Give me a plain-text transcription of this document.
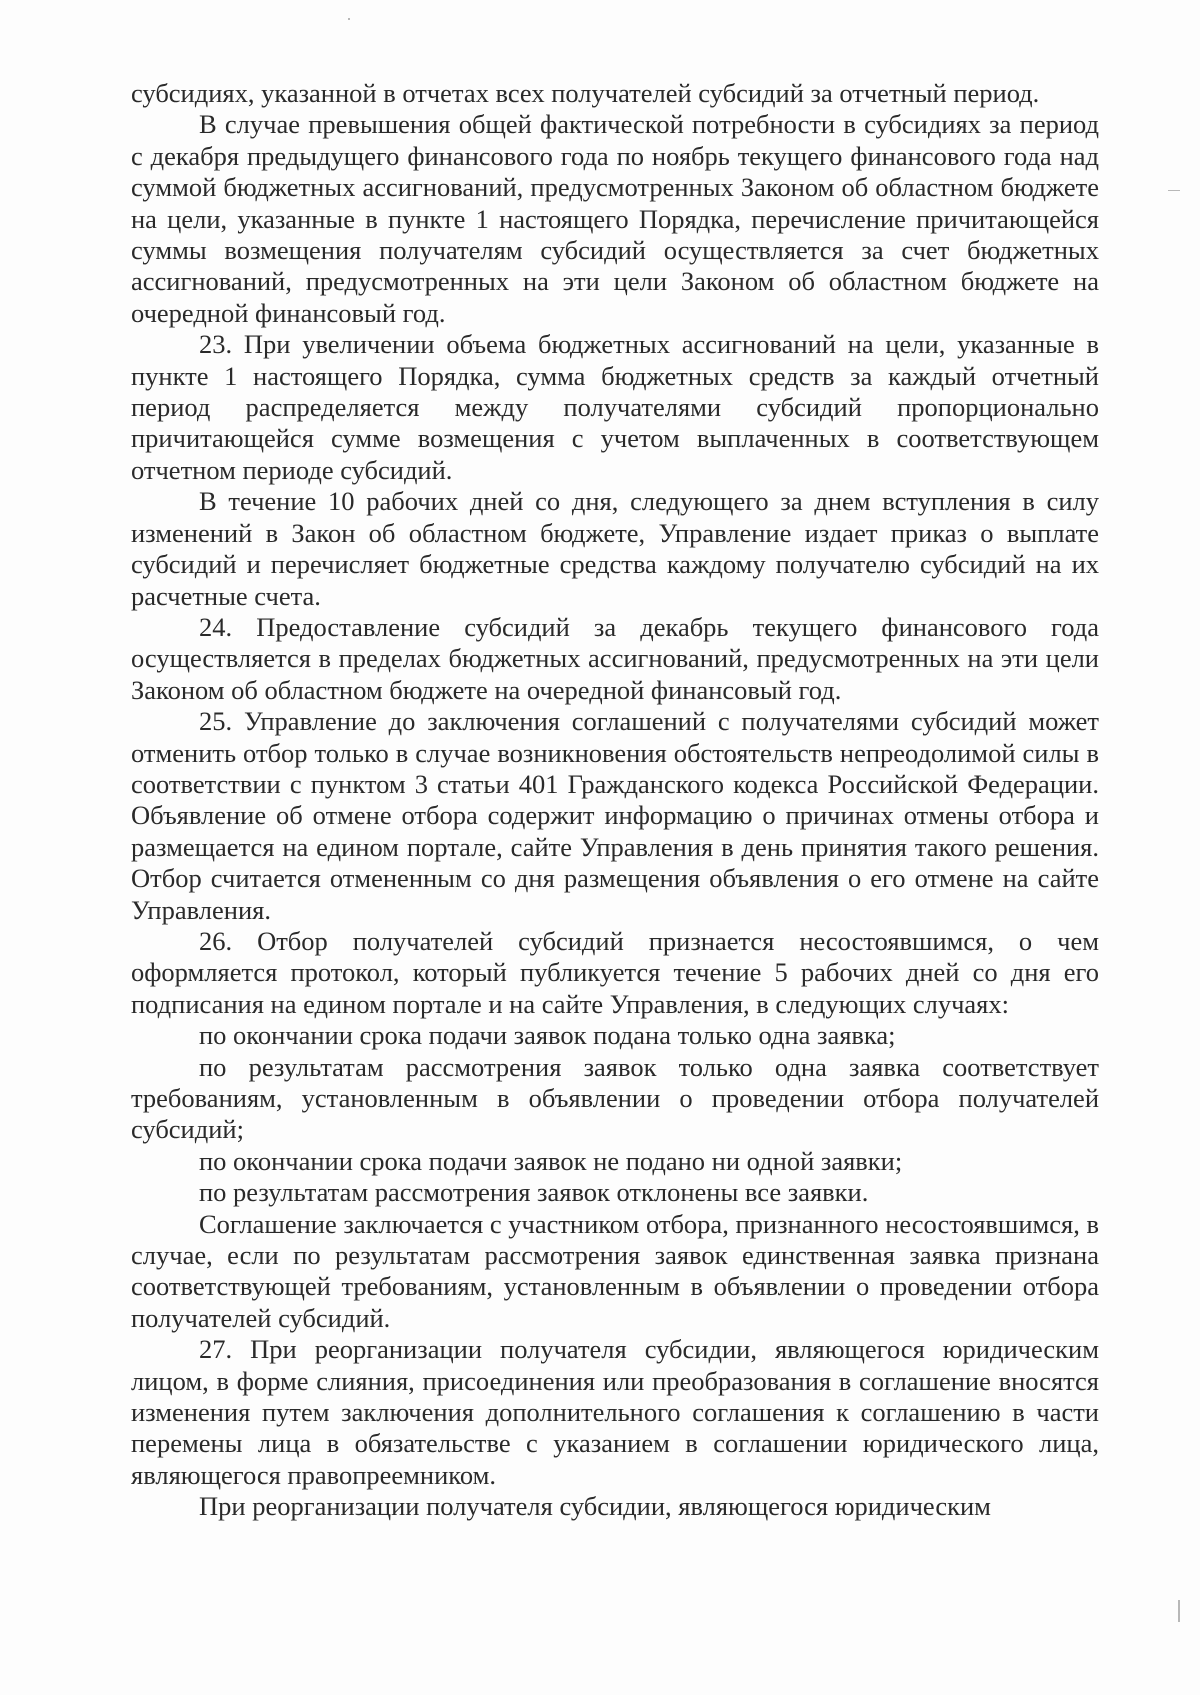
субсидиях, указанной в отчетах всех получателей субсидий за отчетный период.

В случае превышения общей фактической потребности в субсидиях за период с декабря предыдущего финансового года по ноябрь текущего финансового года над суммой бюджетных ассигнований, предусмотренных Законом об областном бюджете на цели, указанные в пункте 1 настоящего Порядка, перечисление причитающейся суммы возмещения получателям субсидий осуществляется за счет бюджетных ассигнований, предусмотренных на эти цели Законом об областном бюджете на очередной финансовый год.

23. При увеличении объема бюджетных ассигнований на цели, указанные в пункте 1 настоящего Порядка, сумма бюджетных средств за каждый отчетный период распределяется между получателями субсидий пропорционально причитающейся сумме возмещения с учетом выплаченных в соответствующем отчетном периоде субсидий.

В течение 10 рабочих дней со дня, следующего за днем вступления в силу изменений в Закон об областном бюджете, Управление издает приказ о выплате субсидий и перечисляет бюджетные средства каждому получателю субсидий на их расчетные счета.

24. Предоставление субсидий за декабрь текущего финансового года осуществляется в пределах бюджетных ассигнований, предусмотренных на эти цели Законом об областном бюджете на очередной финансовый год.

25. Управление до заключения соглашений с получателями субсидий может отменить отбор только в случае возникновения обстоятельств непреодолимой силы в соответствии с пунктом 3 статьи 401 Гражданского кодекса Российской Федерации. Объявление об отмене отбора содержит информацию о причинах отмены отбора и размещается на едином портале, сайте Управления в день принятия такого решения. Отбор считается отмененным со дня размещения объявления о его отмене на сайте Управления.

26. Отбор получателей субсидий признается несостоявшимся, о чем оформляется протокол, который публикуется течение 5 рабочих дней со дня его подписания на едином портале и на сайте Управления, в следующих случаях:

по окончании срока подачи заявок подана только одна заявка;

по результатам рассмотрения заявок только одна заявка соответствует требованиям, установленным в объявлении о проведении отбора получателей субсидий;

по окончании срока подачи заявок не подано ни одной заявки;

по результатам рассмотрения заявок отклонены все заявки.

Соглашение заключается с участником отбора, признанного несостоявшимся, в случае, если по результатам рассмотрения заявок единственная заявка признана соответствующей требованиям, установленным в объявлении о проведении отбора получателей субсидий.

27. При реорганизации получателя субсидии, являющегося юридическим лицом, в форме слияния, присоединения или преобразования в соглашение вносятся изменения путем заключения дополнительного соглашения к соглашению в части перемены лица в обязательстве с указанием в соглашении юридического лица, являющегося правопреемником.

При реорганизации получателя субсидии, являющегося юридическим
